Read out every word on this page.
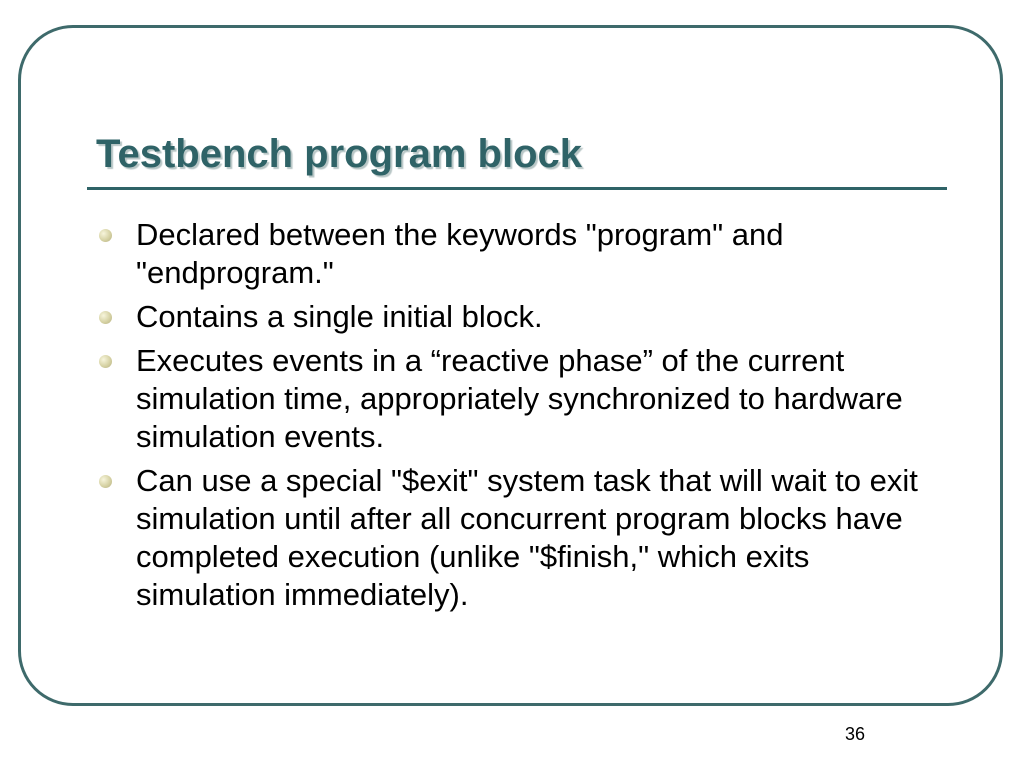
Testbench program block
Declared between the keywords "program" and "endprogram."
Contains a single initial block.
Executes events in a “reactive phase” of the current simulation time, appropriately synchronized to hardware simulation events.
Can use a special "$exit" system task that will wait to exit simulation until after all concurrent program blocks have completed execution (unlike "$finish," which exits simulation immediately).
36
